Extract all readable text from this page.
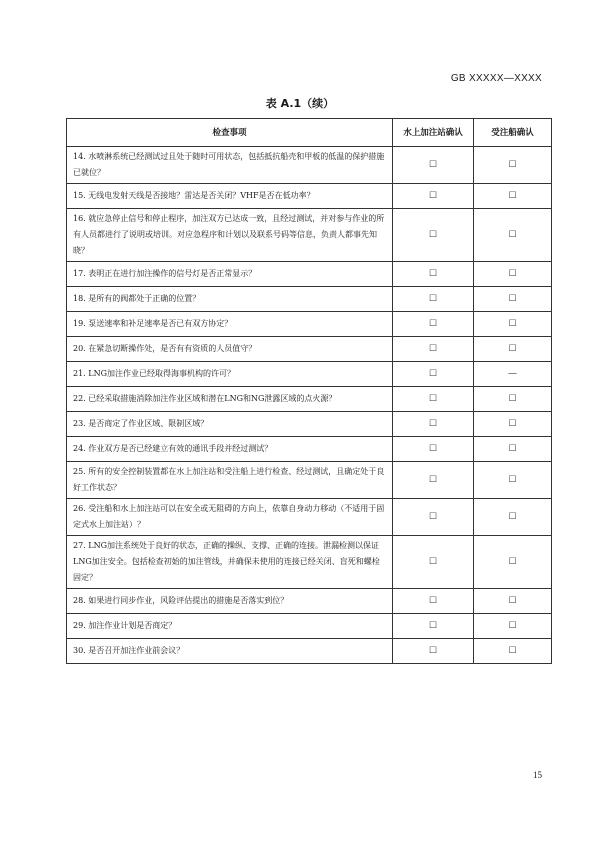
GB XXXXX—XXXX
表 A.1（续）
检查事项	水上加注站确认	受注船确认
14. 水喷淋系统已经测试过且处于随时可用状态，包括抵抗船壳和甲板的低温的保护措施已就位？	☐	☐
15. 无线电发射天线是否接地？雷达是否关闭？VHF是否在低功率？	☐	☐
16. 就应急停止信号和停止程序，加注双方已达成一致，且经过测试，并对参与作业的所有人员都进行了说明或培训。对应急程序和计划以及联系号码等信息，负责人都事先知晓？	☐	☐
17. 表明正在进行加注操作的信号灯是否正常显示？	☐	☐
18. 是所有的阀都处于正确的位置？	☐	☐
19. 泵送速率和补足速率是否已有双方协定？	☐	☐
20. 在紧急切断操作处，是否有有资质的人员值守？	☐	☐
21. LNG加注作业已经取得海事机构的许可？	☐	—
22. 已经采取措施消除加注作业区域和潜在LNG和NG泄露区域的点火源？	☐	☐
23. 是否商定了作业区域、限制区域？	☐	☐
24. 作业双方是否已经建立有效的通讯手段并经过测试？	☐	☐
25. 所有的安全控制装置都在水上加注站和受注船上进行检查、经过测试，且确定处于良好工作状态？	☐	☐
26. 受注船和水上加注站可以在安全或无阻碍的方向上，依靠自身动力移动（不适用于固定式水上加注站）？	☐	☐
27. LNG加注系统处于良好的状态，正确的操纵、支撑、正确的连接。泄漏检测以保证LNG加注安全。包括检查初始的加注管线，并确保未使用的连接已经关闭、盲死和螺栓固定？	☐	☐
28. 如果进行同步作业，风险评估提出的措施是否落实到位？	☐	☐
29. 加注作业计划是否商定？	☐	☐
30. 是否召开加注作业前会议？	☐	☐
15
